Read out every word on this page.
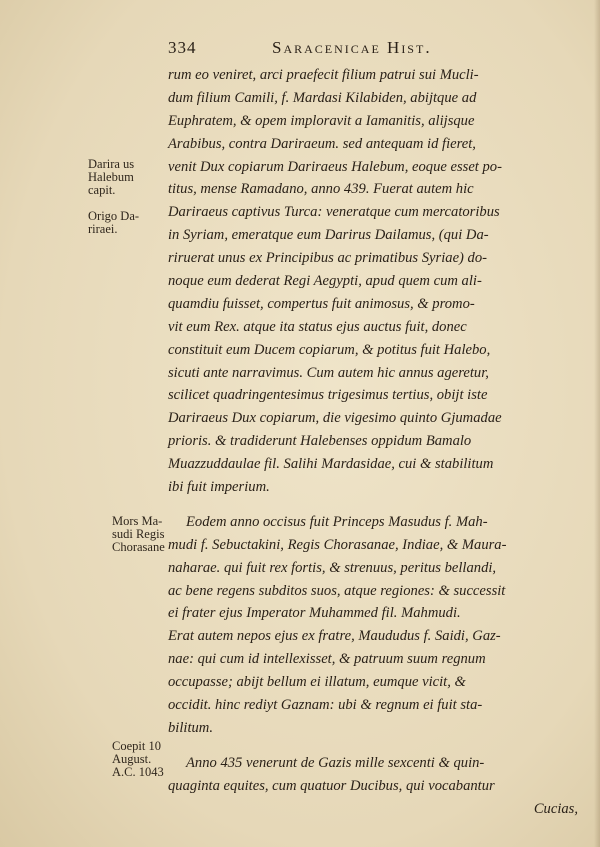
334	Saracenicae Hist.
Darira us
Halebum
capit.
Origo Da-
riraei.
Mors Ma-
sudi Regis
Chorasane
Coepit 10
August.
A.C. 1043
rum eo veniret, arci praefecit filium patrui sui Mucli-
dum filium Camili, f. Mardasi Kilabiden, abijtque ad
Euphratem, & opem imploravit a Iamanitis, alijsque
Arabibus, contra Dariraeum. sed antequam id fieret,
venit Dux copiarum Dariraeus Halebum, eoque esset po-
titus, mense Ramadano, anno 439. Fuerat autem hic
Dariraeus captivus Turca: veneratque cum mercatoribus
in Syriam, emeratque eum Darirus Dailamus, (qui Da-
riruerat unus ex Principibus ac primatibus Syriae) do-
noque eum dederat Regi Aegypti, apud quem cum ali-
quamdiu fuisset, compertus fuit animosus, & promo-
vit eum Rex. atque ita status ejus auctus fuit, donec
constituit eum Ducem copiarum, & potitus fuit Halebo,
sicuti ante narravimus. Cum autem hic annus ageretur,
scilicet quadringentesimus trigesimus tertius, obijt iste
Dariraeus Dux copiarum, die vigesimo quinto Gjumadae
prioris. & tradiderunt Halebenses oppidum Bamalo
Muazzuddaulae fil. Salihi Mardasidae, cui & stabilitum
ibi fuit imperium.
Eodem anno occisus fuit Princeps Masudus f. Mah-
mudi f. Sebuctakini, Regis Chorasanae, Indiae, & Maura-
naharae. qui fuit rex fortis, & strenuus, peritus bellandi,
ac bene regens subditos suos, atque regiones: & successit
ei frater ejus Imperator Muhammed fil. Mahmudi.
Erat autem nepos ejus ex fratre, Maududus f. Saidi, Gaz-
nae: qui cum id intellexisset, & patruum suum regnum
occupasse; abijt bellum ei illatum, eumque vicit, &
occidit. hinc rediyt Gaznam: ubi & regnum ei fuit sta-
bilitum.
Anno 435 venerunt de Gazis mille sexcenti & quin-
quaginta equites, cum quatuor Ducibus, qui vocabantur
Cucias,
